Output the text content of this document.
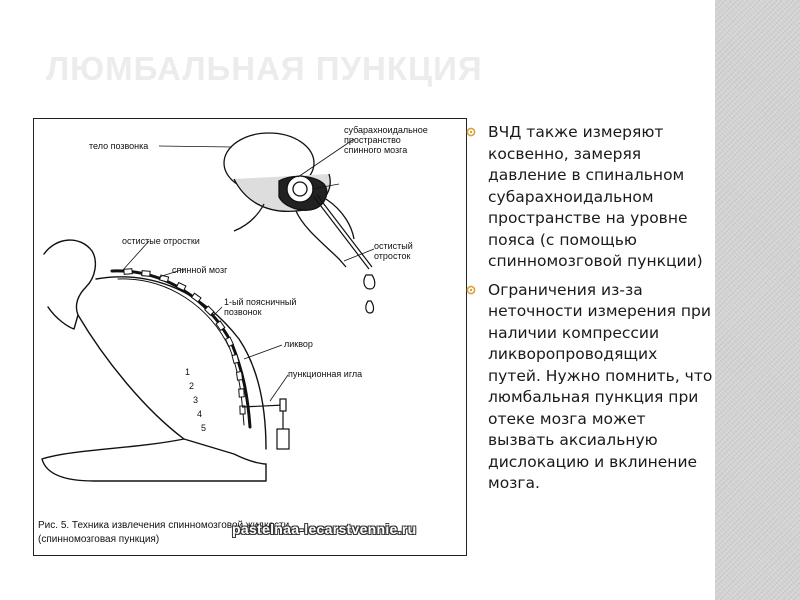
ЛЮМБАЛЬНАЯ ПУНКЦИЯ
тело позвонка
субарахноидальное
пространство
спинного мозга
остистые отростки
спинной мозг
остистый
отросток
1-ый поясничный
позвонок
ликвор
пункционная игла
1
2
3
4
5
Рис. 5. Техника извлечения спинномозговой жидкости
(спинномозговая пункция)
pastelnaa-lecarstvennie.ru
ВЧД также измеряют
косвенно, замеряя
давление в спинальном
субарахноидальном
пространстве на уровне
пояса (с помощью
спинномозговой пункции)
Ограничения из-за
неточности измерения при
наличии компрессии
ликворопроводящих
путей. Нужно помнить, что
люмбальная пункция при
отеке мозга может
вызвать аксиальную
дислокацию и вклинение
мозга.
